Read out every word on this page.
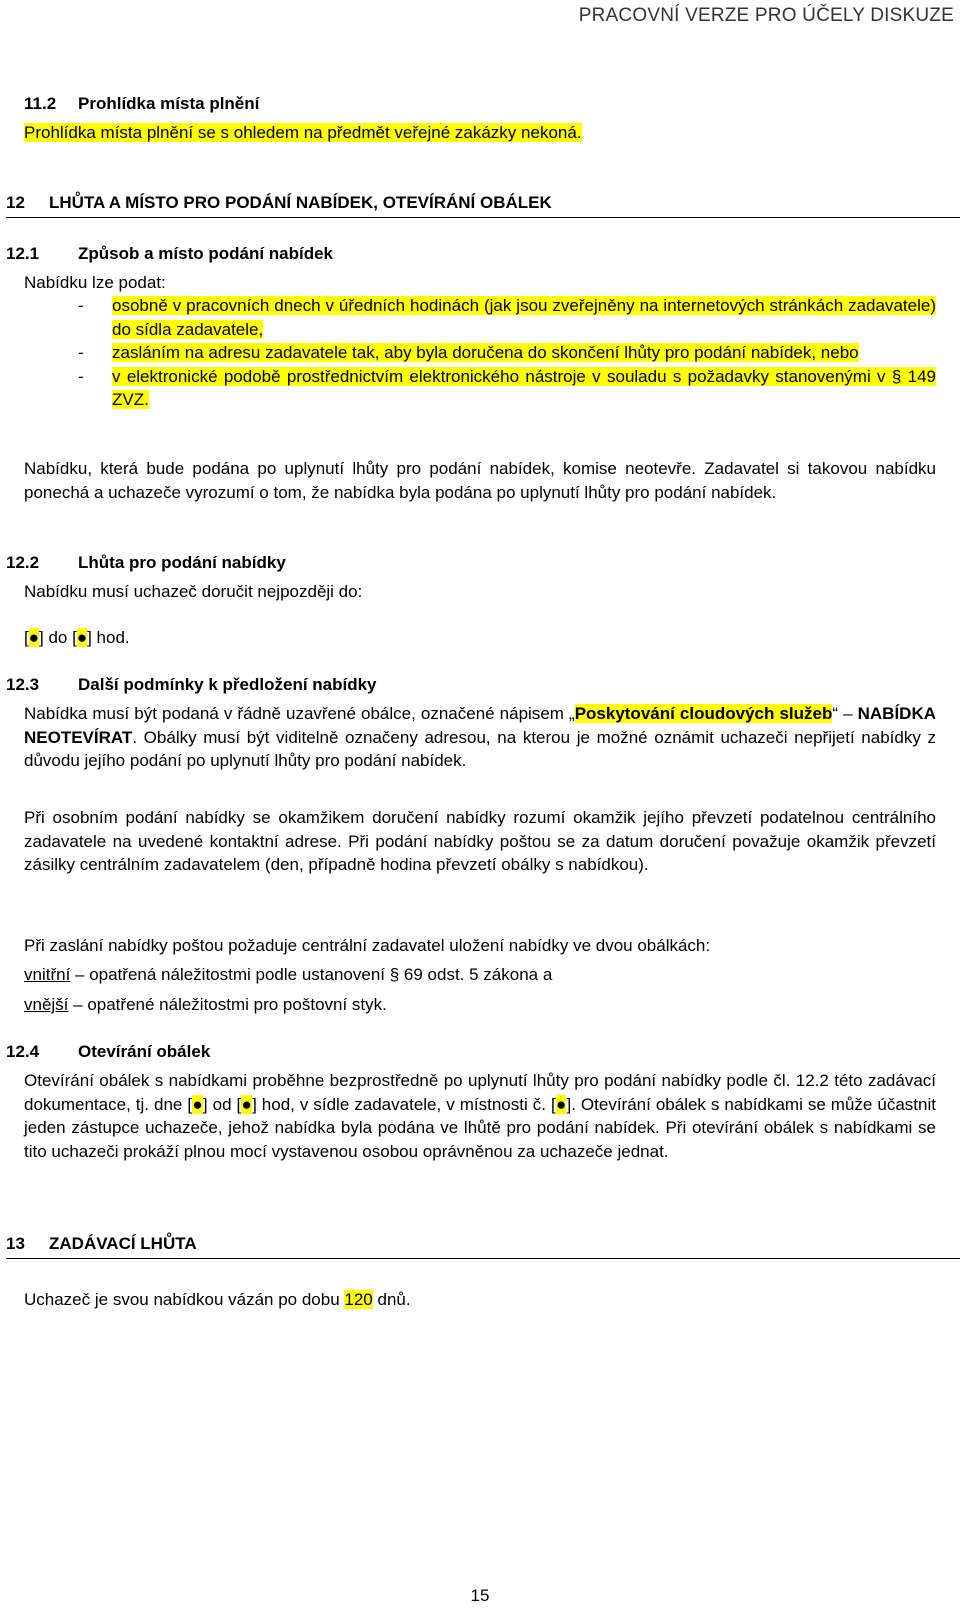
PRACOVNÍ VERZE PRO ÚČELY DISKUZE
11.2 Prohlídka místa plnění
Prohlídka místa plnění se s ohledem na předmět veřejné zakázky nekoná.
12 LHŮTA A MÍSTO PRO PODÁNÍ NABÍDEK, OTEVÍRÁNÍ OBÁLEK
12.1 Způsob a místo podání nabídek
Nabídku lze podat:
- osobně v pracovních dnech v úředních hodinách (jak jsou zveřejněny na internetových stránkách zadavatele) do sídla zadavatele,
- zasláním na adresu zadavatele tak, aby byla doručena do skončení lhůty pro podání nabídek, nebo
- v elektronické podobě prostřednictvím elektronického nástroje v souladu s požadavky stanovenými v § 149 ZVZ.
Nabídku, která bude podána po uplynutí lhůty pro podání nabídek, komise neotevře. Zadavatel si takovou nabídku ponechá a uchazeče vyrozumí o tom, že nabídka byla podána po uplynutí lhůty pro podání nabídek.
12.2 Lhůta pro podání nabídky
Nabídku musí uchazeč doručit nejpozději do:
[●] do [●] hod.
12.3 Další podmínky k předložení nabídky
Nabídka musí být podaná v řádně uzavřené obálce, označené nápisem „Poskytování cloudových služeb“ – NABÍDKA NEOTEVÍRAT. Obálky musí být viditelně označeny adresou, na kterou je možné oznámit uchazeči nepřijetí nabídky z důvodu jejího podání po uplynutí lhůty pro podání nabídek.
Při osobním podání nabídky se okamžikem doručení nabídky rozumí okamžik jejího převzetí podatelnou centrálního zadavatele na uvedené kontaktní adrese. Při podání nabídky poštou se za datum doručení považuje okamžik převzetí zásilky centrálním zadavatelem (den, případně hodina převzetí obálky s nabídkou).
Při zaslání nabídky poštou požaduje centrální zadavatel uložení nabídky ve dvou obálkách:
vnitřní – opatřená náležitostmi podle ustanovení § 69 odst. 5 zákona a
vnější – opatřené náležitostmi pro poštovní styk.
12.4 Otevírání obálek
Otevírání obálek s nabídkami proběhne bezprostředně po uplynutí lhůty pro podání nabídky podle čl. 12.2 této zadávací dokumentace, tj. dne [●] od [●] hod, v sídle zadavatele, v místnosti č. [●]. Otevírání obálek s nabídkami se může účastnit jeden zástupce uchazeče, jehož nabídka byla podána ve lhůtě pro podání nabídek. Při otevírání obálek s nabídkami se tito uchazeči prokáží plnou mocí vystavenou osobou oprávněnou za uchazeče jednat.
13 ZADÁVACÍ LHŮTA
Uchazeč je svou nabídkou vázán po dobu 120 dnů.
15
